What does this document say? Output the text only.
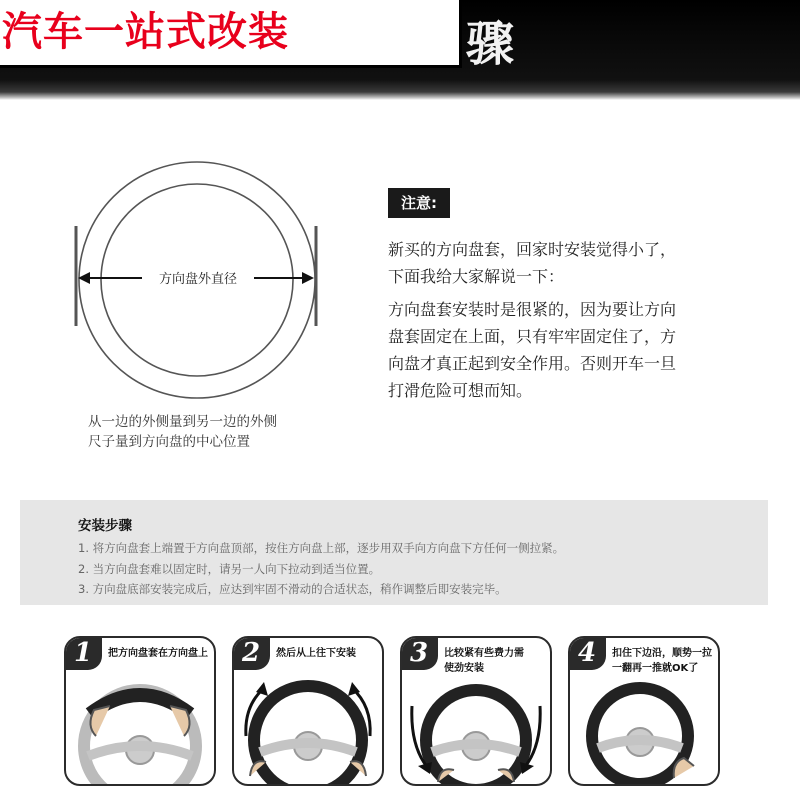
骤
汽车一站式改装
方向盘外直径
从一边的外侧量到另一边的外侧
尺子量到方向盘的中心位置
注意:
新买的方向盘套，回家时安装觉得小了，
下面我给大家解说一下：
方向盘套安装时是很紧的，因为要让方向
盘套固定在上面，只有牢牢固定住了，方
向盘才真正起到安全作用。否则开车一旦
打滑危险可想而知。
安装步骤
1. 将方向盘套上端置于方向盘顶部，按住方向盘上部，逐步用双手向方向盘下方任何一侧拉紧。
2. 当方向盘套难以固定时，请另一人向下拉动到适当位置。
3. 方向盘底部安装完成后，应达到牢固不滑动的合适状态，稍作调整后即安装完毕。
1	把方向盘套在方向盘上	2	然后从上往下安装	3	比较紧有些费力需
使劲安装
4	扣住下边沿，顺势一拉
一翻再一推就OK了
